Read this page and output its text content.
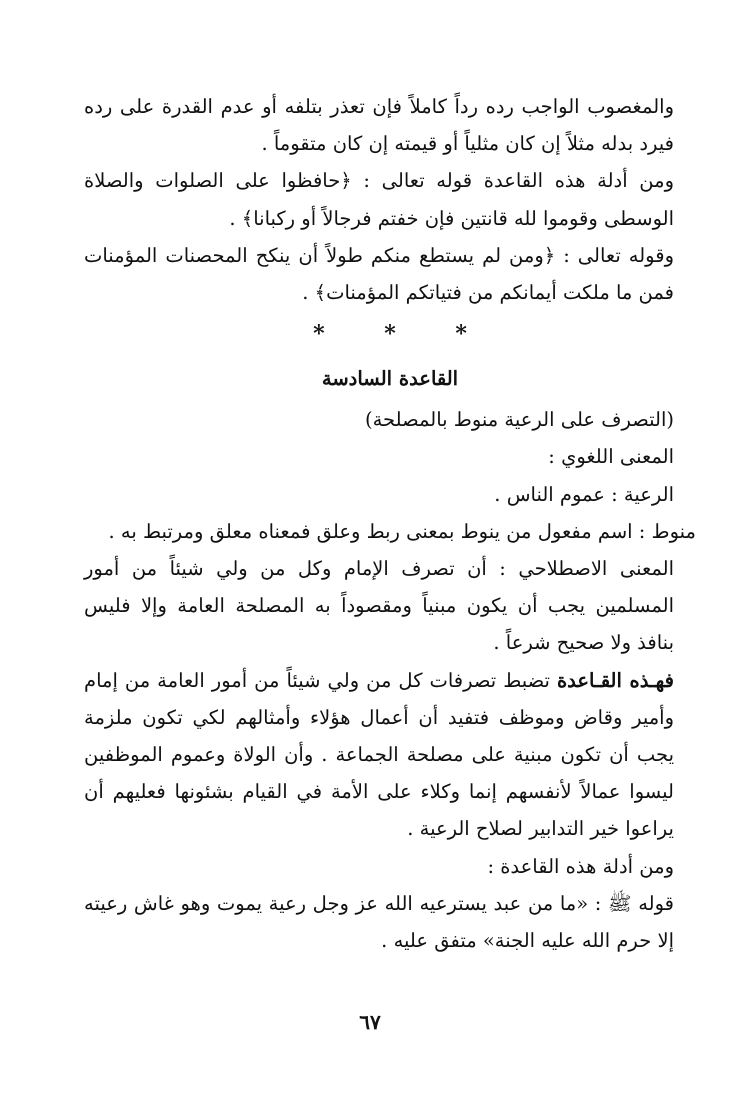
والمغصوب الواجب رده رداً كاملاً فإن تعذر بتلفه أو عدم القدرة على رده فيرد بدله مثلاً إن كان مثلياً أو قيمته إن كان متقوماً .

ومن أدلة هذه القاعدة قوله تعالى : ﴿حافظوا على الصلوات والصلاة الوسطى وقوموا لله قانتين فإن خفتم فرجالاً أو ركبانا﴾ .

وقوله تعالى : ﴿ومن لم يستطع منكم طولاً أن ينكح المحصنات المؤمنات فمن ما ملكت أيمانكم من فتياتكم المؤمنات﴾ .

* * *
القاعدة السادسة

(التصرف على الرعية منوط بالمصلحة)

المعنى اللغوي :

الرعية : عموم الناس .

منوط : اسم مفعول من ينوط بمعنى ربط وعلق فمعناه معلق ومرتبط به .

المعنى الاصطلاحي : أن تصرف الإمام وكل من ولي شيئاً من أمور المسلمين يجب أن يكون مبنياً ومقصوداً به المصلحة العامة وإلا فليس بنافذ ولا صحيح شرعاً .

فهـذه القـاعدة تضبط تصرفات كل من ولي شيئاً من أمور العامة من إمام وأمير وقاض وموظف فتفيد أن أعمال هؤلاء وأمثالهم لكي تكون ملزمة يجب أن تكون مبنية على مصلحة الجماعة . وأن الولاة وعموم الموظفين ليسوا عمالاً لأنفسهم إنما وكلاء على الأمة في القيام بشئونها فعليهم أن يراعوا خير التدابير لصلاح الرعية .

ومن أدلة هذه القاعدة :

قوله ﷺ : «ما من عبد يسترعيه الله عز وجل رعية يموت وهو غاش رعيته إلا حرم الله عليه الجنة» متفق عليه .

٦٧
